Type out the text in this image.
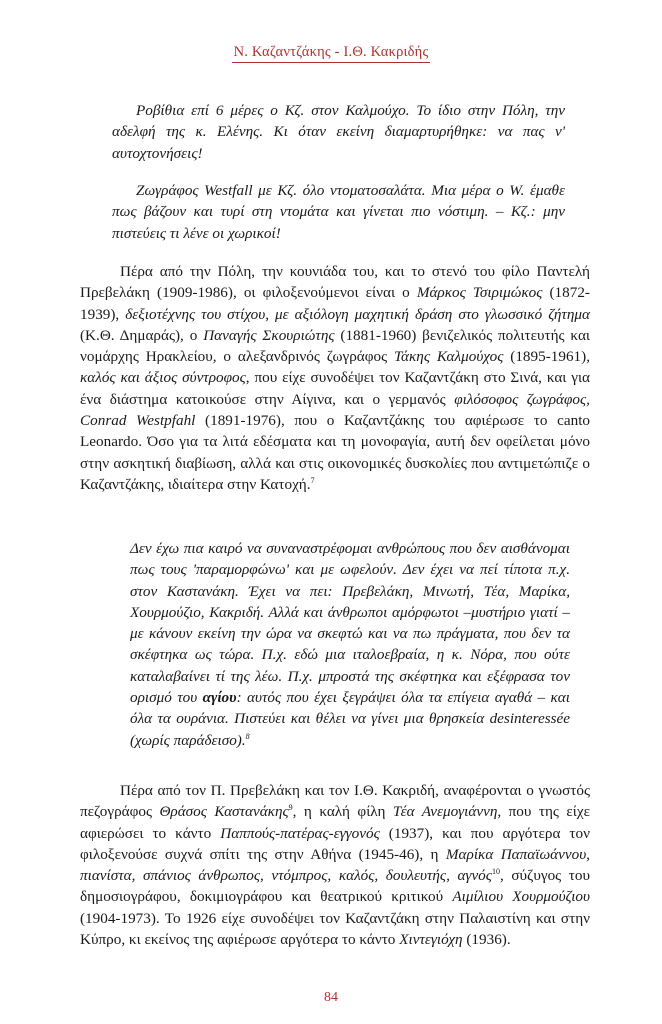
Ν. Καζαντζάκης - Ι.Θ. Κακριδής

Ροβίθια επί 6 μέρες ο Κζ. στον Καλμούχο. Το ίδιο στην Πόλη, την αδελφή της κ. Ελένης. Κι όταν εκείνη διαμαρτυρήθηκε: να πας ν' αυτοχτονήσεις!

Ζωγράφος Westfall με Κζ. όλο ντοματοσαλάτα. Μια μέρα ο W. έμαθε πως βάζουν και τυρί στη ντομάτα και γίνεται πιο νόστιμη. – Κζ.: μην πιστεύεις τι λένε οι χωρικοί!

Πέρα από την Πόλη, την κουνιάδα του, και το στενό του φίλο Παντελή Πρεβελάκη (1909-1986), οι φιλοξενούμενοι είναι ο Μάρκος Τσιριμώκος (1872-1939), δεξιοτέχνης του στίχου, με αξιόλογη μαχητική δράση στο γλωσσικό ζήτημα (Κ.Θ. Δημαράς), ο Παναγής Σκουριώτης (1881-1960) βενιζελικός πολιτευτής και νομάρχης Ηρακλείου, ο αλεξανδρινός ζωγράφος Τάκης Καλμούχος (1895-1961), καλός και άξιος σύντροφος, που είχε συνοδέψει τον Καζαντζάκη στο Σινά, και για ένα διάστημα κατοικούσε στην Αίγινα, και ο γερμανός φιλόσοφος ζωγράφος, Conrad Westpfahl (1891-1976), που ο Καζαντζάκης του αφιέρωσε το canto Leonardo. Όσο για τα λιτά εδέσματα και τη μονοφαγία, αυτή δεν οφείλεται μόνο στην ασκητική διαβίωση, αλλά και στις οικονομικές δυσκολίες που αντιμετώπιζε ο Καζαντζάκης, ιδιαίτερα στην Κατοχή.$^7$

Δεν έχω πια καιρό να συναναστρέφομαι ανθρώπους που δεν αισθάνομαι πως τους 'παραμορφώνω' και με ωφελούν. Δεν έχει να πεί τίποτα π.χ. στον Καστανάκη. Έχει να πει: Πρεβελάκη, Μινωτή, Τέα, Μαρίκα, Χουρμούζιο, Κακριδή. Αλλά και άνθρωποι αμόρφωτοι –μυστήριο γιατί – με κάνουν εκείνη την ώρα να σκεφτώ και να πω πράγματα, που δεν τα σκέφτηκα ως τώρα. Π.χ. εδώ μια ιταλοεβραία, η κ. Νόρα, που ούτε καταλαβαίνει τί της λέω. Π.χ. μπροστά της σκέφτηκα και εξέφρασα τον ορισμό του αγίου: αυτός που έχει ξεγράψει όλα τα επίγεια αγαθά – και όλα τα ουράνια. Πιστεύει και θέλει να γίνει μια θρησκεία desinteressée (χωρίς παράδεισο).$^8$

Πέρα από τον Π. Πρεβελάκη και τον Ι.Θ. Κακριδή, αναφέρονται ο γνωστός πεζογράφος Θράσος Καστανάκης$^9$, η καλή φίλη Τέα Ανεμογιάννη, που της είχε αφιερώσει το κάντο Παππούς-πατέρας-εγγονός (1937), και που αργότερα τον φιλοξενούσε συχνά σπίτι της στην Αθήνα (1945-46), η Μαρίκα Παπαϊωάννου, πιανίστα, σπάνιος άνθρωπος, ντόμπρος, καλός, δουλευτής, αγνός$^{10}$, σύζυγος του δημοσιογράφου, δοκιμιογράφου και θεατρικού κριτικού Αιμίλιου Χουρμούζιου (1904-1973). Το 1926 είχε συνοδέψει τον Καζαντζάκη στην Παλαιστίνη και στην Κύπρο, κι εκείνος της αφιέρωσε αργότερα το κάντο Χιντεγιόχη (1936).

84
